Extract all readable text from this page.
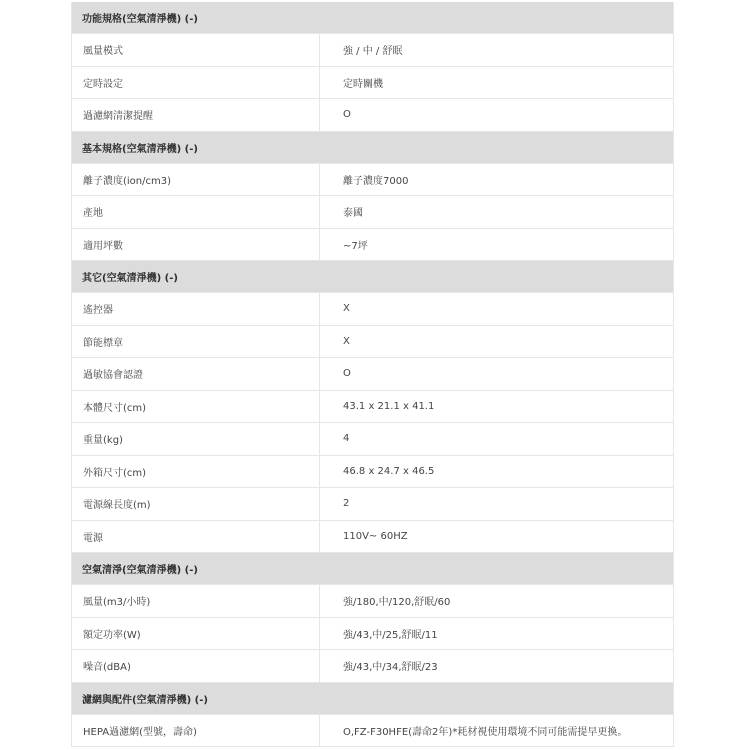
功能規格(空氣清淨機) (-)
風量模式	強 / 中 / 舒眠
定時設定	定時關機
過濾網清潔提醒	O
基本規格(空氣清淨機) (-)
離子濃度(ion/cm3)	離子濃度7000
產地	泰國
適用坪數	~7坪
其它(空氣清淨機) (-)
遙控器	X
節能標章	X
過敏協會認證	O
本體尺寸(cm)	43.1 x 21.1 x 41.1
重量(kg)	4
外箱尺寸(cm)	46.8 x 24.7 x 46.5
電源線長度(m)	2
電源	110V~ 60HZ
空氣清淨(空氣清淨機) (-)
風量(m3/小時)	強/180,中/120,舒眠/60
額定功率(W)	強/43,中/25,舒眠/11
噪音(dBA)	強/43,中/34,舒眠/23
濾網與配件(空氣清淨機) (-)
HEPA過濾網(型號，壽命)	O,FZ-F30HFE(壽命2年)*耗材視使用環境不同可能需提早更換。
